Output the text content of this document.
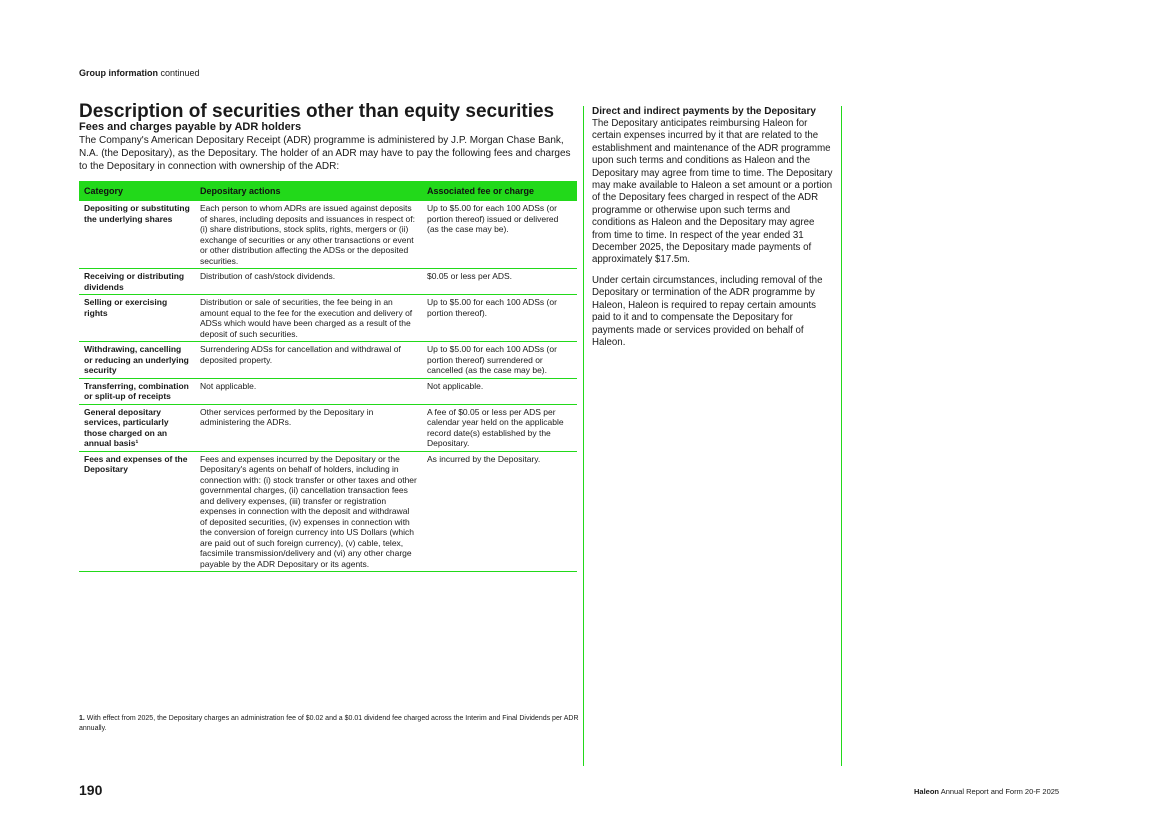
Group information continued
Description of securities other than equity securities
Fees and charges payable by ADR holders

The Company's American Depositary Receipt (ADR) programme is administered by J.P. Morgan Chase Bank, N.A. (the Depositary), as the Depositary. The holder of an ADR may have to pay the following fees and charges to the Depositary in connection with ownership of the ADR:

Category	Depositary actions	Associated fee or charge
Depositing or substituting the underlying shares	Each person to whom ADRs are issued against deposits of shares, including deposits and issuances in respect of: (i) share distributions, stock splits, rights, mergers or (ii) exchange of securities or any other transactions or event or other distribution affecting the ADSs or the deposited securities.	Up to $5.00 for each 100 ADSs (or portion thereof) issued or delivered (as the case may be).
Receiving or distributing dividends	Distribution of cash/stock dividends.	$0.05 or less per ADS.
Selling or exercising rights	Distribution or sale of securities, the fee being in an amount equal to the fee for the execution and delivery of ADSs which would have been charged as a result of the deposit of such securities.	Up to $5.00 for each 100 ADSs (or portion thereof).
Withdrawing, cancelling or reducing an underlying security	Surrendering ADSs for cancellation and withdrawal of deposited property.	Up to $5.00 for each 100 ADSs (or portion thereof) surrendered or cancelled (as the case may be).
Transferring, combination or split-up of receipts	Not applicable.	Not applicable.
General depositary services, particularly those charged on an annual basis¹	Other services performed by the Depositary in administering the ADRs.	A fee of $0.05 or less per ADS per calendar year held on the applicable record date(s) established by the Depositary.
Fees and expenses of the Depositary	Fees and expenses incurred by the Depositary or the Depositary's agents on behalf of holders, including in connection with: (i) stock transfer or other taxes and other governmental charges, (ii) cancellation transaction fees and delivery expenses, (iii) transfer or registration expenses in connection with the deposit and withdrawal of deposited securities, (iv) expenses in connection with the conversion of foreign currency into US Dollars (which are paid out of such foreign currency), (v) cable, telex, facsimile transmission/delivery and (vi) any other charge payable by the ADR Depositary or its agents.	As incurred by the Depositary.
1. With effect from 2025, the Depositary charges an administration fee of $0.02 and a $0.01 dividend fee charged across the Interim and Final Dividends per ADR annually.
Direct and indirect payments by the Depositary

The Depositary anticipates reimbursing Haleon for certain expenses incurred by it that are related to the establishment and maintenance of the ADR programme upon such terms and conditions as Haleon and the Depositary may agree from time to time. The Depositary may make available to Haleon a set amount or a portion of the Depositary fees charged in respect of the ADR programme or otherwise upon such terms and conditions as Haleon and the Depositary may agree from time to time. In respect of the year ended 31 December 2025, the Depositary made payments of approximately $17.5m.

Under certain circumstances, including removal of the Depositary or termination of the ADR programme by Haleon, Haleon is required to repay certain amounts paid to it and to compensate the Depositary for payments made or services provided on behalf of Haleon.

190	Haleon Annual Report and Form 20-F 2025
